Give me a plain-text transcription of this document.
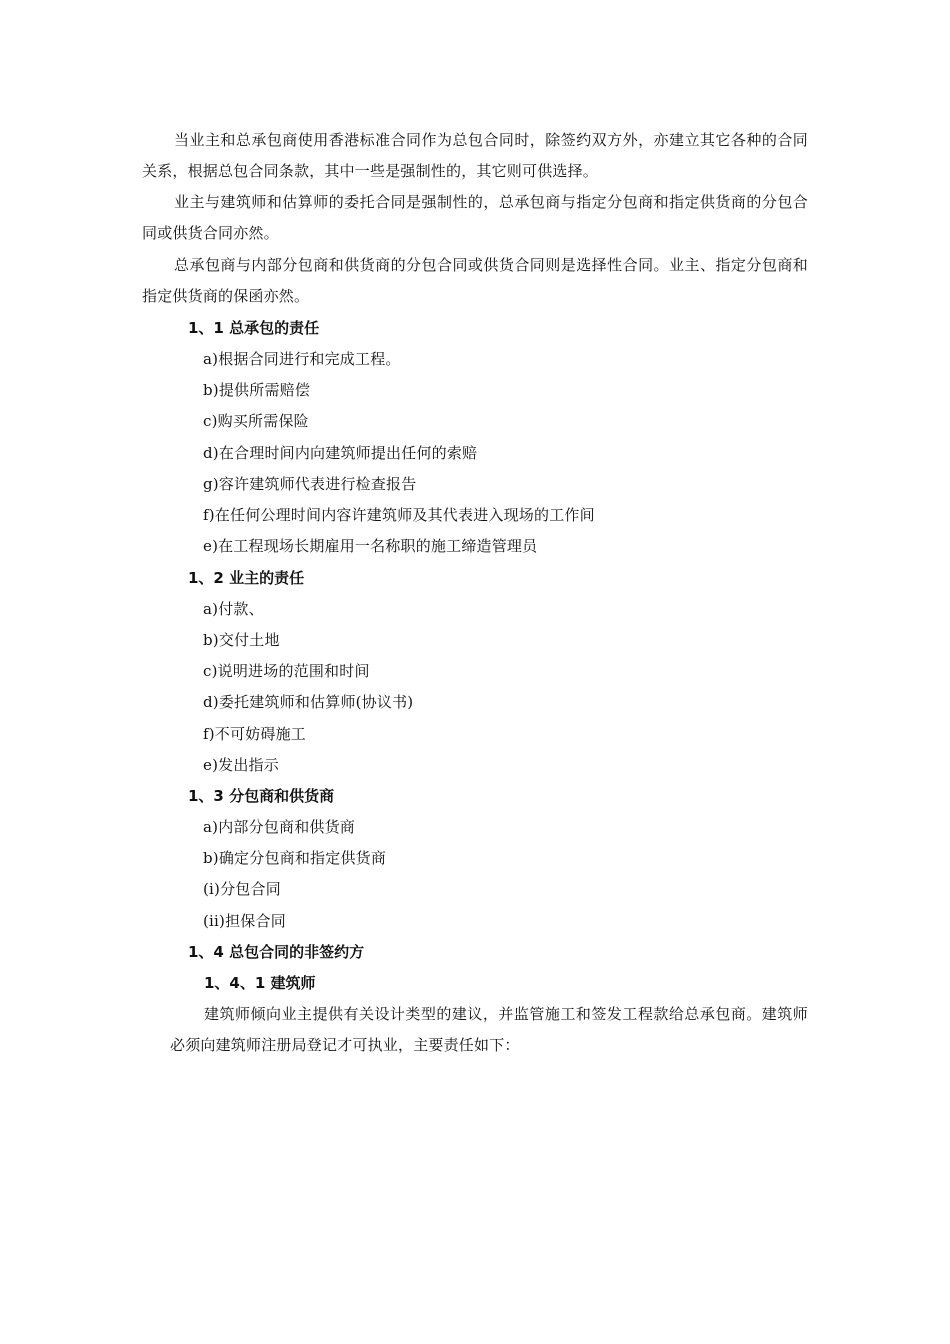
当业主和总承包商使用香港标准合同作为总包合同时，除签约双方外，亦建立其它各种的合同关系，根据总包合同条款，其中一些是强制性的，其它则可供选择。

业主与建筑师和估算师的委托合同是强制性的，总承包商与指定分包商和指定供货商的分包合同或供货合同亦然。

总承包商与内部分包商和供货商的分包合同或供货合同则是选择性合同。业主、指定分包商和指定供货商的保函亦然。

1、1 总承包的责任

a)根据合同进行和完成工程。

b)提供所需赔偿

c)购买所需保险

d)在合理时间内向建筑师提出任何的索赔

g)容许建筑师代表进行检查报告

f)在任何公理时间内容许建筑师及其代表进入现场的工作间

e)在工程现场长期雇用一名称职的施工缔造管理员

1、2 业主的责任

a)付款、

b)交付土地

c)说明进场的范围和时间

d)委托建筑师和估算师(协议书)

f)不可妨碍施工

e)发出指示

1、3 分包商和供货商

a)内部分包商和供货商

b)确定分包商和指定供货商

(i)分包合同

(ii)担保合同

1、4 总包合同的非签约方

1、4、1 建筑师

建筑师倾向业主提供有关设计类型的建议，并监管施工和签发工程款给总承包商。建筑师必须向建筑师注册局登记才可执业，主要责任如下：
